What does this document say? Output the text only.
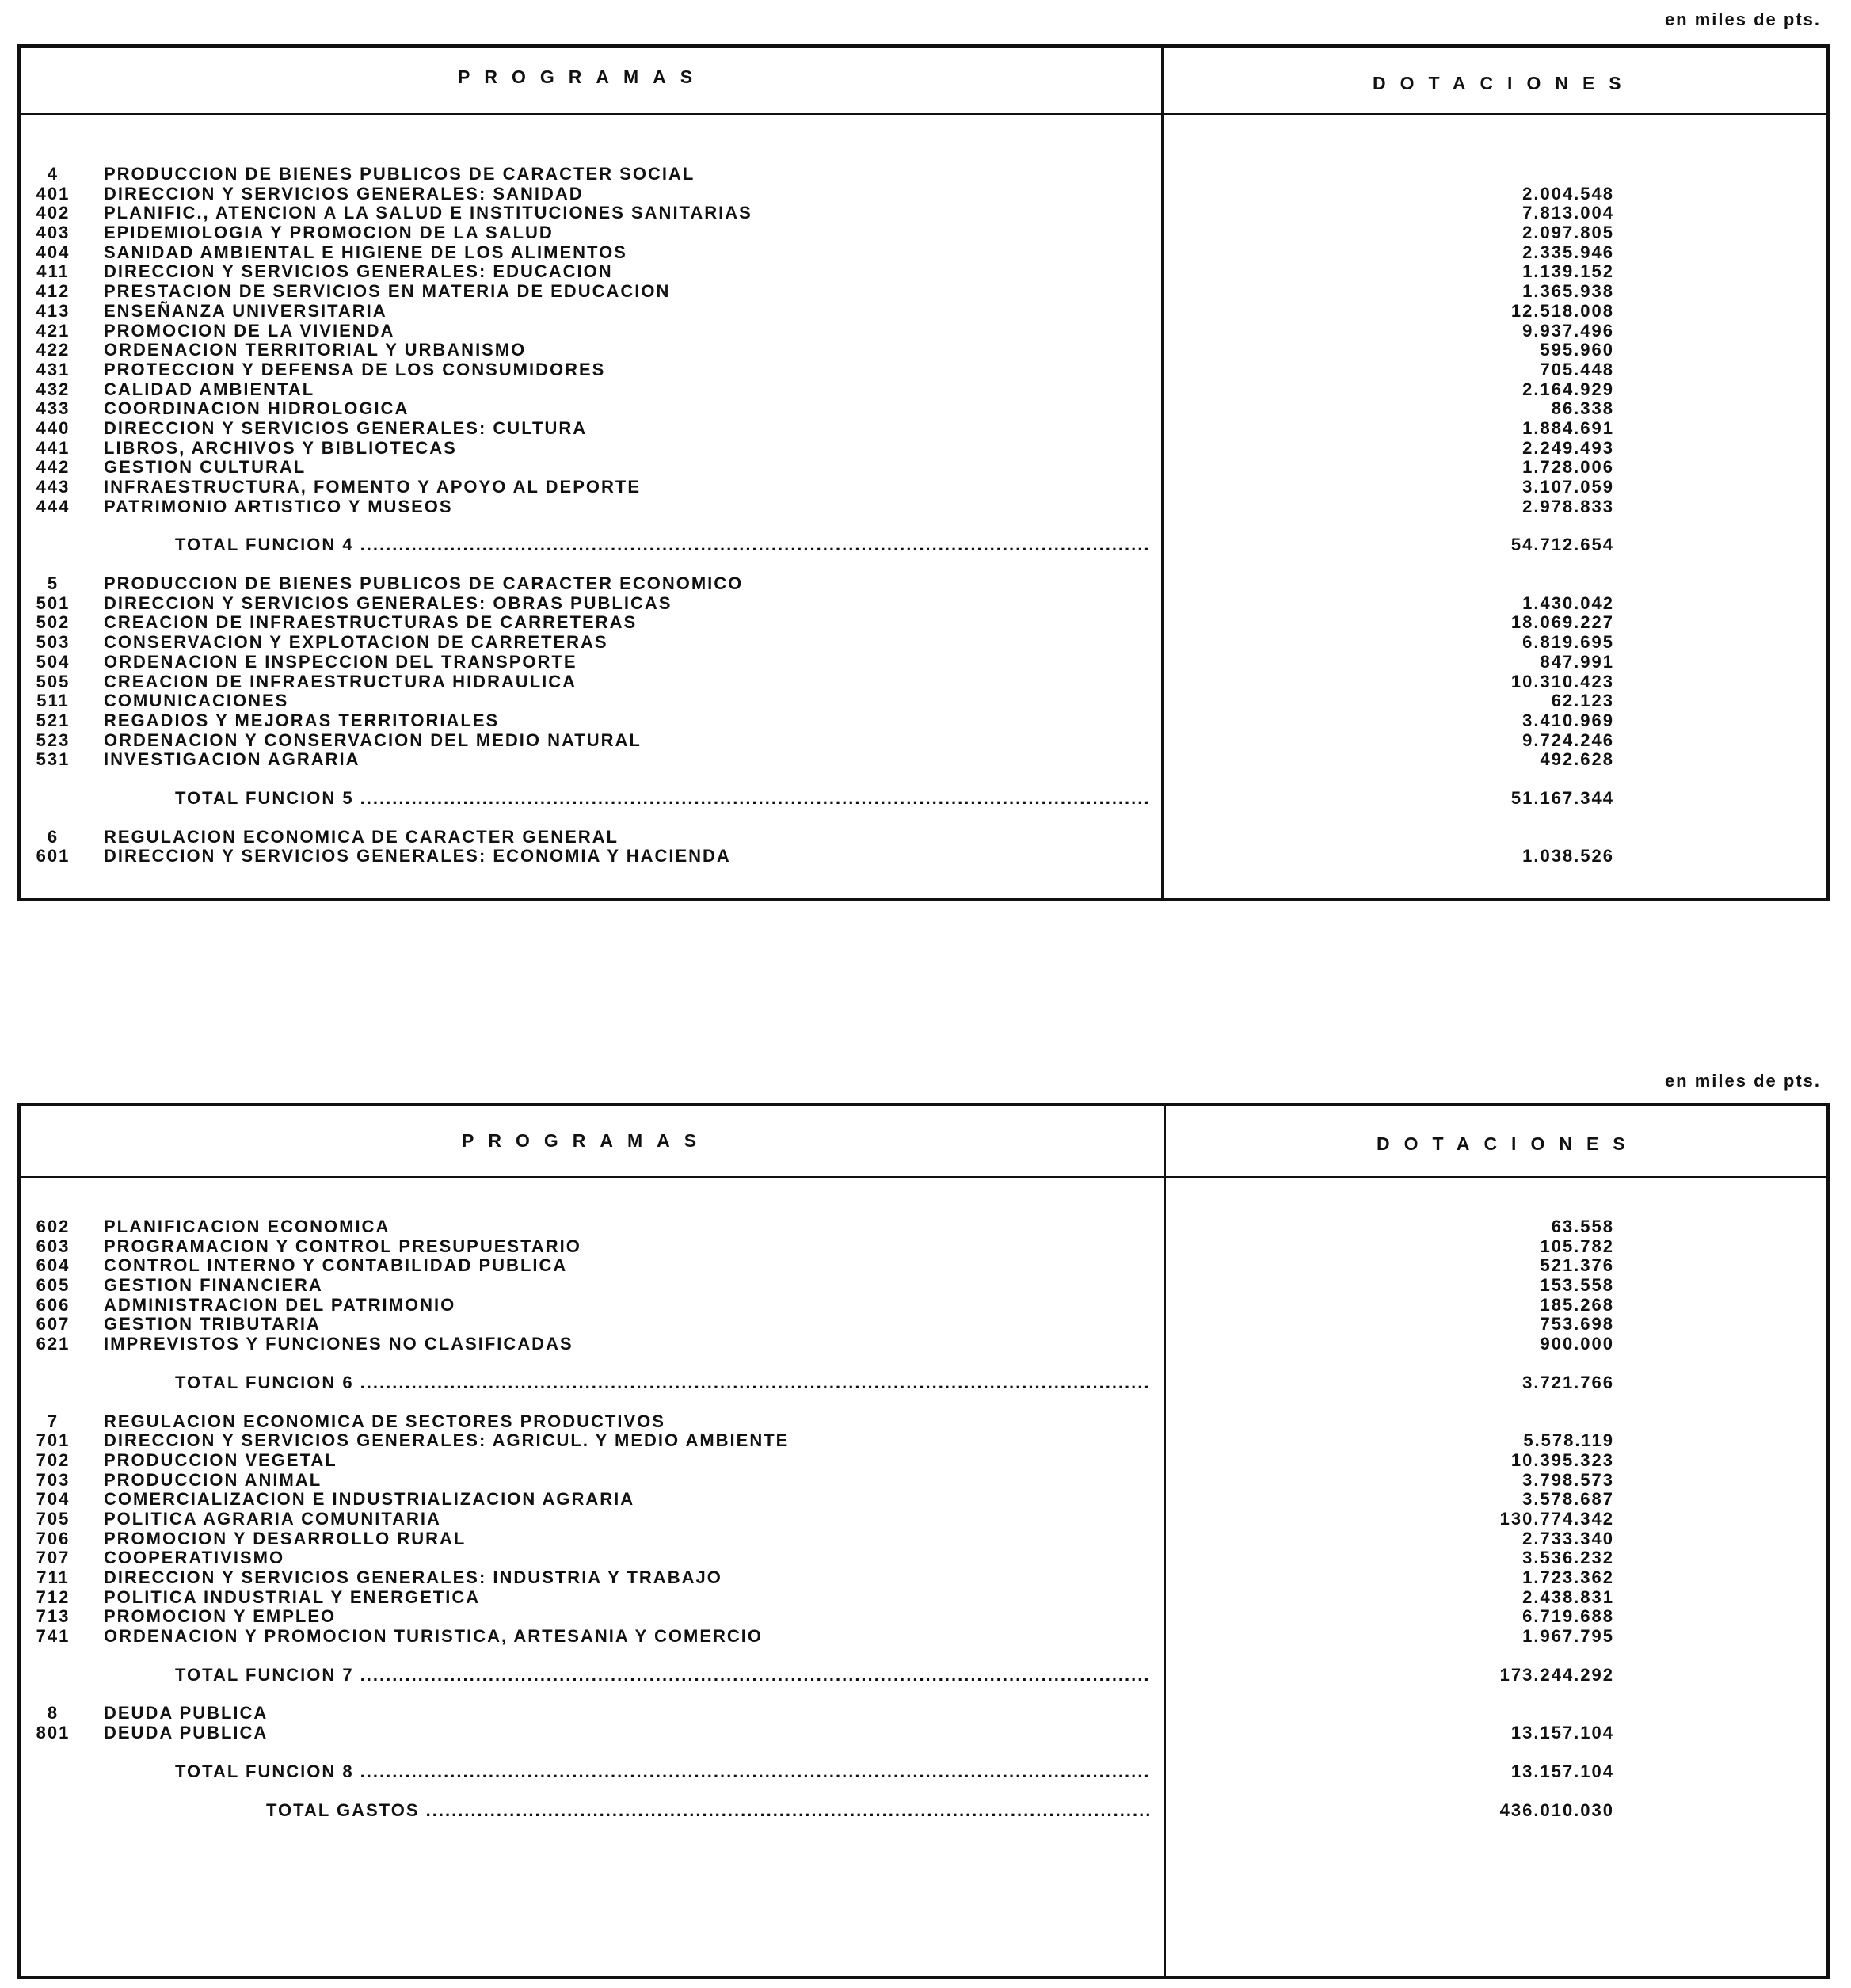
en miles de pts.
PROGRAMAS	DOTACIONES
4	PRODUCCION DE BIENES PUBLICOS DE CARACTER SOCIAL
401	DIRECCION Y SERVICIOS GENERALES: SANIDAD	2.004.548
402	PLANIFIC., ATENCION A LA SALUD E INSTITUCIONES SANITARIAS	7.813.004
403	EPIDEMIOLOGIA Y PROMOCION DE LA SALUD	2.097.805
404	SANIDAD AMBIENTAL E HIGIENE DE LOS ALIMENTOS	2.335.946
411	DIRECCION Y SERVICIOS GENERALES: EDUCACION	1.139.152
412	PRESTACION DE SERVICIOS EN MATERIA DE EDUCACION	1.365.938
413	ENSEÑANZA UNIVERSITARIA	12.518.008
421	PROMOCION DE LA VIVIENDA	9.937.496
422	ORDENACION TERRITORIAL Y URBANISMO	595.960
431	PROTECCION Y DEFENSA DE LOS CONSUMIDORES	705.448
432	CALIDAD AMBIENTAL	2.164.929
433	COORDINACION HIDROLOGICA	86.338
440	DIRECCION Y SERVICIOS GENERALES: CULTURA	1.884.691
441	LIBROS, ARCHIVOS Y BIBLIOTECAS	2.249.493
442	GESTION CULTURAL	1.728.006
443	INFRAESTRUCTURA, FOMENTO Y APOYO AL DEPORTE	3.107.059
444	PATRIMONIO ARTISTICO Y MUSEOS	2.978.833
TOTAL FUNCION 4 .....	54.712.654
5	PRODUCCION DE BIENES PUBLICOS DE CARACTER ECONOMICO
501	DIRECCION Y SERVICIOS GENERALES: OBRAS PUBLICAS	1.430.042
502	CREACION DE INFRAESTRUCTURAS DE CARRETERAS	18.069.227
503	CONSERVACION Y EXPLOTACION DE CARRETERAS	6.819.695
504	ORDENACION E INSPECCION DEL TRANSPORTE	847.991
505	CREACION DE INFRAESTRUCTURA HIDRAULICA	10.310.423
511	COMUNICACIONES	62.123
521	REGADIOS Y MEJORAS TERRITORIALES	3.410.969
523	ORDENACION Y CONSERVACION DEL MEDIO NATURAL	9.724.246
531	INVESTIGACION AGRARIA	492.628
TOTAL FUNCION 5 .....	51.167.344
6	REGULACION ECONOMICA DE CARACTER GENERAL
601	DIRECCION Y SERVICIOS GENERALES: ECONOMIA Y HACIENDA	1.038.526
en miles de pts.
PROGRAMAS	DOTACIONES
602	PLANIFICACION ECONOMICA	63.558
603	PROGRAMACION Y CONTROL PRESUPUESTARIO	105.782
604	CONTROL INTERNO Y CONTABILIDAD PUBLICA	521.376
605	GESTION FINANCIERA	153.558
606	ADMINISTRACION DEL PATRIMONIO	185.268
607	GESTION TRIBUTARIA	753.698
621	IMPREVISTOS Y FUNCIONES NO CLASIFICADAS	900.000
TOTAL FUNCION 6 .....	3.721.766
7	REGULACION ECONOMICA DE SECTORES PRODUCTIVOS
701	DIRECCION Y SERVICIOS GENERALES: AGRICUL. Y MEDIO AMBIENTE	5.578.119
702	PRODUCCION VEGETAL	10.395.323
703	PRODUCCION ANIMAL	3.798.573
704	COMERCIALIZACION E INDUSTRIALIZACION AGRARIA	3.578.687
705	POLITICA AGRARIA COMUNITARIA	130.774.342
706	PROMOCION Y DESARROLLO RURAL	2.733.340
707	COOPERATIVISMO	3.536.232
711	DIRECCION Y SERVICIOS GENERALES: INDUSTRIA Y TRABAJO	1.723.362
712	POLITICA INDUSTRIAL Y ENERGETICA	2.438.831
713	PROMOCION Y EMPLEO	6.719.688
741	ORDENACION Y PROMOCION TURISTICA, ARTESANIA Y COMERCIO	1.967.795
TOTAL FUNCION 7 .....	173.244.292
8	DEUDA PUBLICA
801	DEUDA PUBLICA	13.157.104
TOTAL FUNCION 8 .....	13.157.104
TOTAL GASTOS .....	436.010.030
